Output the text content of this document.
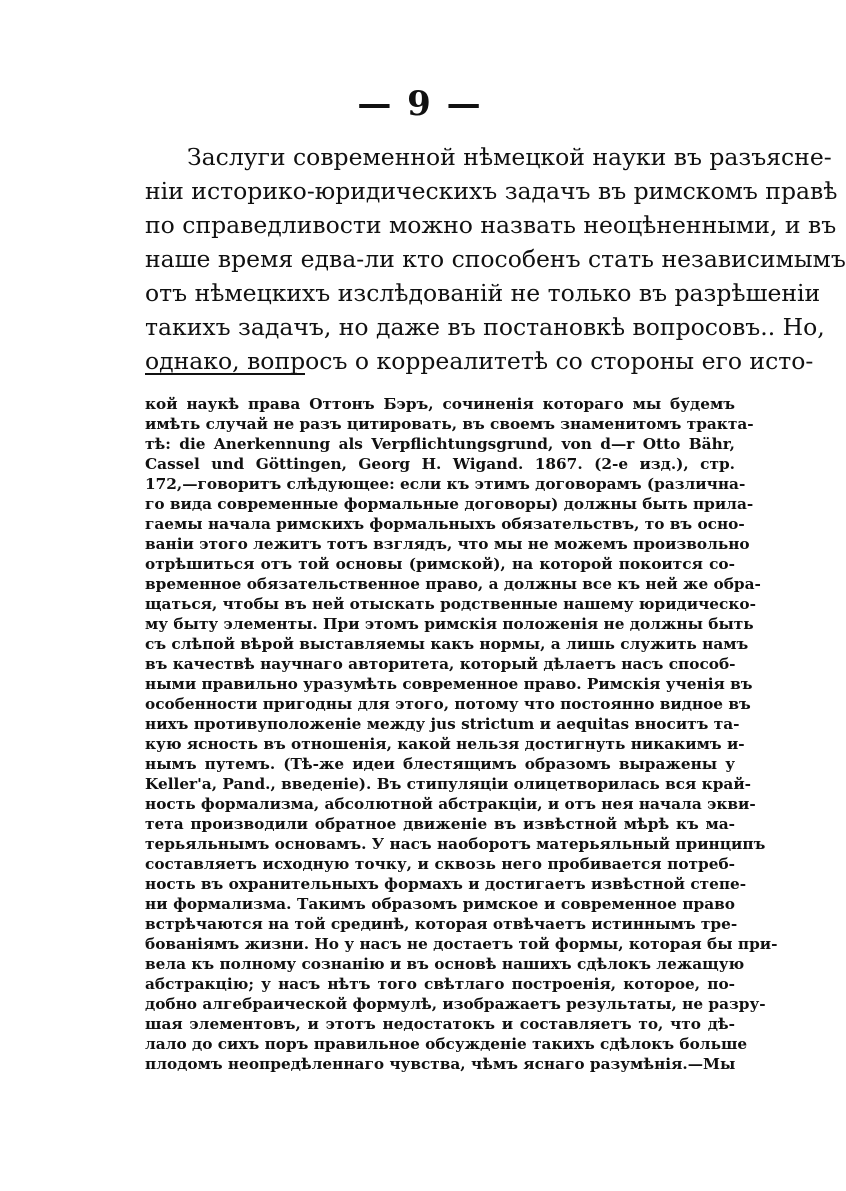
— 9 —
Заслуги современной нѣмецкой науки въ разъясне-
нiи историко-юридическихъ задачъ въ римскомъ правѣ
по справедливости можно назвать неоцѣненными, и въ
наше время едва-ли кто способенъ стать независимымъ
отъ нѣмецкихъ изслѣдованiй не только въ разрѣшенiи
такихъ задачъ, но даже въ постановкѣ вопросовъ.. Но,
однако, вопросъ о корреалитетѣ со стороны его исто-
кой наукѣ права Оттонъ Бэръ, сочиненiя котораго мы будемъ
имѣть случай не разъ цитировать, въ своемъ знаменитомъ тракта-
тѣ: die Anerkennung als Verpflichtungsgrund, von d—r Otto Bähr,
Cassel und Göttingen, Georg H. Wigand. 1867. (2-е изд.), стр.
172,—говоритъ слѣдующее: если къ этимъ договорамъ (различна-
го вида современные формальные договоры) должны быть прила-
гаемы начала римскихъ формальныхъ обязательствъ, то въ осно-
ванiи этого лежитъ тотъ взглядъ, что мы не можемъ произвольно
отрѣшиться отъ той основы (римской), на которой покоится со-
временное обязательственное право, а должны все къ ней же обра-
щаться, чтобы въ ней отыскать родственные нашему юридическо-
му быту элементы. При этомъ римскiя положенiя не должны быть
съ слѣпой вѣрой выставляемы какъ нормы, а лишь служить намъ
въ качествѣ научнаго авторитета, который дѣлаетъ насъ способ-
ными правильно уразумѣть современное право. Римскiя ученiя въ
особенности пригодны для этого, потому что постоянно видное въ
нихъ противуположенiе между jus strictum и aequitas вноситъ та-
кую ясность въ отношенiя, какой нельзя достигнуть никакимъ и-
нымъ путемъ. (Тѣ-же идеи блестящимъ образомъ выражены у
Keller'a, Pand., введенiе). Въ стипуляцiи олицетворилась вся край-
ность формализма, абсолютной абстракцiи, и отъ нея начала экви-
тета производили обратное движенiе въ извѣстной мѣрѣ къ ма-
терьяльнымъ основамъ. У насъ наоборотъ матерьяльный принципъ
составляетъ исходную точку, и сквозь него пробивается потреб-
ность въ охранительныхъ формахъ и достигаетъ извѣстной степе-
ни формализма. Такимъ образомъ римское и современное право
встрѣчаются на той срединѣ, которая отвѣчаетъ истиннымъ тре-
бованiямъ жизни. Но у насъ не достаетъ той формы, которая бы при-
вела къ полному сознанiю и въ основѣ нашихъ сдѣлокъ лежащую
абстракцiю; у насъ нѣтъ того свѣтлаго построенiя, которое, по-
добно алгебраической формулѣ, изображаетъ результаты, не разру-
шая элементовъ, и этотъ недостатокъ и составляетъ то, что дѣ-
лало до сихъ поръ правильное обсужденiе такихъ сдѣлокъ больше
плодомъ неопредѣленнаго чувства, чѣмъ яснаго разумѣнiя.—Мы
